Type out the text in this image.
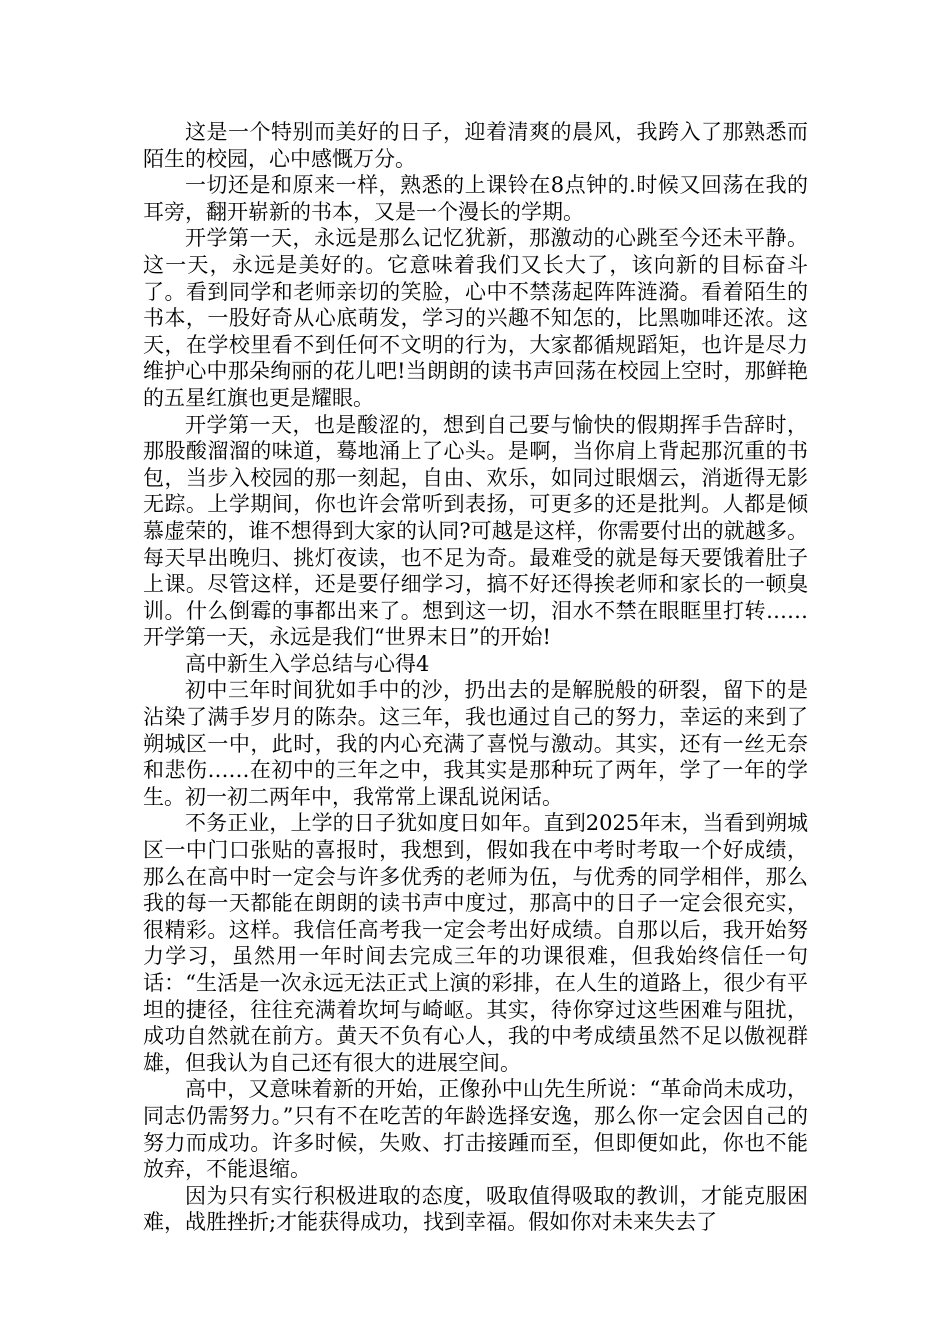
这是一个特别而美好的日子，迎着清爽的晨风，我跨入了那熟悉而陌生的校园，心中感慨万分。

一切还是和原来一样，熟悉的上课铃在8点钟的.时候又回荡在我的耳旁，翻开崭新的书本，又是一个漫长的学期。

开学第一天，永远是那么记忆犹新，那激动的心跳至今还未平静。这一天，永远是美好的。它意味着我们又长大了，该向新的目标奋斗了。看到同学和老师亲切的笑脸，心中不禁荡起阵阵涟漪。看着陌生的书本，一股好奇从心底萌发，学习的兴趣不知怎的，比黑咖啡还浓。这天，在学校里看不到任何不文明的行为，大家都循规蹈矩，也许是尽力维护心中那朵绚丽的花儿吧!当朗朗的读书声回荡在校园上空时，那鲜艳的五星红旗也更是耀眼。

开学第一天，也是酸涩的，想到自己要与愉快的假期挥手告辞时，那股酸溜溜的味道，蓦地涌上了心头。是啊，当你肩上背起那沉重的书包，当步入校园的那一刻起，自由、欢乐，如同过眼烟云，消逝得无影无踪。上学期间，你也许会常听到表扬，可更多的还是批判。人都是倾慕虚荣的，谁不想得到大家的认同?可越是这样，你需要付出的就越多。每天早出晚归、挑灯夜读，也不足为奇。最难受的就是每天要饿着肚子上课。尽管这样，还是要仔细学习，搞不好还得挨老师和家长的一顿臭训。什么倒霉的事都出来了。想到这一切，泪水不禁在眼眶里打转……开学第一天，永远是我们“世界末日”的开始!

高中新生入学总结与心得4

初中三年时间犹如手中的沙，扔出去的是解脱般的研裂，留下的是沾染了满手岁月的陈杂。这三年，我也通过自己的努力，幸运的来到了朔城区一中，此时，我的内心充满了喜悦与激动。其实，还有一丝无奈和悲伤……在初中的三年之中，我其实是那种玩了两年，学了一年的学生。初一初二两年中，我常常上课乱说闲话。

不务正业，上学的日子犹如度日如年。直到2025年末，当看到朔城区一中门口张贴的喜报时，我想到，假如我在中考时考取一个好成绩，那么在高中时一定会与许多优秀的老师为伍，与优秀的同学相伴，那么我的每一天都能在朗朗的读书声中度过，那高中的日子一定会很充实，很精彩。这样。我信任高考我一定会考出好成绩。自那以后，我开始努力学习，虽然用一年时间去完成三年的功课很难，但我始终信任一句话：“生活是一次永远无法正式上演的彩排，在人生的道路上，很少有平坦的捷径，往往充满着坎坷与崎岖。其实，待你穿过这些困难与阻扰，成功自然就在前方。黄天不负有心人，我的中考成绩虽然不足以傲视群雄，但我认为自己还有很大的进展空间。

高中，又意味着新的开始，正像孙中山先生所说：“革命尚未成功，同志仍需努力。”只有不在吃苦的年龄选择安逸，那么你一定会因自己的努力而成功。许多时候，失败、打击接踵而至，但即便如此，你也不能放弃，不能退缩。

因为只有实行积极进取的态度，吸取值得吸取的教训，才能克服困难，战胜挫折;才能获得成功，找到幸福。假如你对未来失去了
